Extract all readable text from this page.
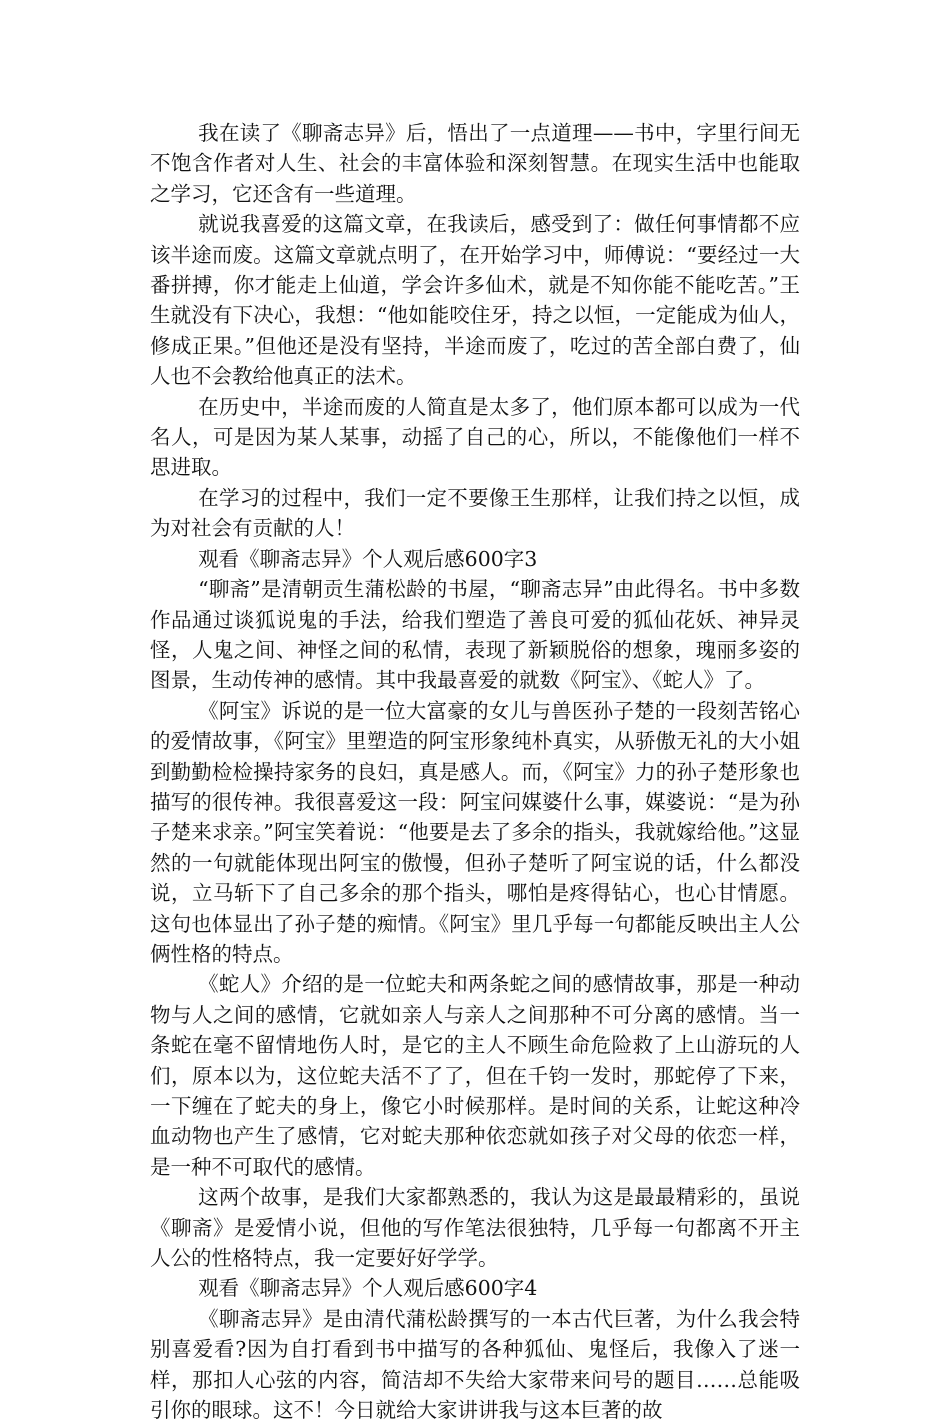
我在读了《聊斋志异》后，悟出了一点道理——书中，字里行间无不饱含作者对人生、社会的丰富体验和深刻智慧。在现实生活中也能取之学习，它还含有一些道理。

就说我喜爱的这篇文章，在我读后，感受到了：做任何事情都不应该半途而废。这篇文章就点明了，在开始学习中，师傅说：“要经过一大番拼搏，你才能走上仙道，学会许多仙术，就是不知你能不能吃苦。”王生就没有下决心，我想：“他如能咬住牙，持之以恒，一定能成为仙人，修成正果。”但他还是没有坚持，半途而废了，吃过的苦全部白费了，仙人也不会教给他真正的法术。

在历史中，半途而废的人简直是太多了，他们原本都可以成为一代名人，可是因为某人某事，动摇了自己的心，所以，不能像他们一样不思进取。

在学习的过程中，我们一定不要像王生那样，让我们持之以恒，成为对社会有贡献的人！

观看《聊斋志异》个人观后感600字3

“聊斋”是清朝贡生蒲松龄的书屋，“聊斋志异”由此得名。书中多数作品通过谈狐说鬼的手法，给我们塑造了善良可爱的狐仙花妖、神异灵怪，人鬼之间、神怪之间的私情，表现了新颖脱俗的想象，瑰丽多姿的图景，生动传神的感情。其中我最喜爱的就数《阿宝》、《蛇人》了。

《阿宝》诉说的是一位大富豪的女儿与兽医孙子楚的一段刻苦铭心的爱情故事，《阿宝》里塑造的阿宝形象纯朴真实，从骄傲无礼的大小姐到勤勤检检操持家务的良妇，真是感人。而，《阿宝》力的孙子楚形象也描写的很传神。我很喜爱这一段：阿宝问媒婆什么事，媒婆说：“是为孙子楚来求亲。”阿宝笑着说：“他要是去了多余的指头，我就嫁给他。”这显然的一句就能体现出阿宝的傲慢，但孙子楚听了阿宝说的话，什么都没说，立马斩下了自己多余的那个指头，哪怕是疼得钻心，也心甘情愿。这句也体显出了孙子楚的痴情。《阿宝》里几乎每一句都能反映出主人公俩性格的特点。

《蛇人》介绍的是一位蛇夫和两条蛇之间的感情故事，那是一种动物与人之间的感情，它就如亲人与亲人之间那种不可分离的感情。当一条蛇在毫不留情地伤人时，是它的主人不顾生命危险救了上山游玩的人们，原本以为，这位蛇夫活不了了，但在千钧一发时，那蛇停了下来，一下缠在了蛇夫的身上，像它小时候那样。是时间的关系，让蛇这种冷血动物也产生了感情，它对蛇夫那种依恋就如孩子对父母的依恋一样，是一种不可取代的感情。

这两个故事，是我们大家都熟悉的，我认为这是最最精彩的，虽说《聊斋》是爱情小说，但他的写作笔法很独特，几乎每一句都离不开主人公的性格特点，我一定要好好学学。

观看《聊斋志异》个人观后感600字4

《聊斋志异》是由清代蒲松龄撰写的一本古代巨著，为什么我会特别喜爱看?因为自打看到书中描写的各种狐仙、鬼怪后，我像入了迷一样，那扣人心弦的内容，简洁却不失给大家带来问号的题目……总能吸引你的眼球。这不！今日就给大家讲讲我与这本巨著的故
